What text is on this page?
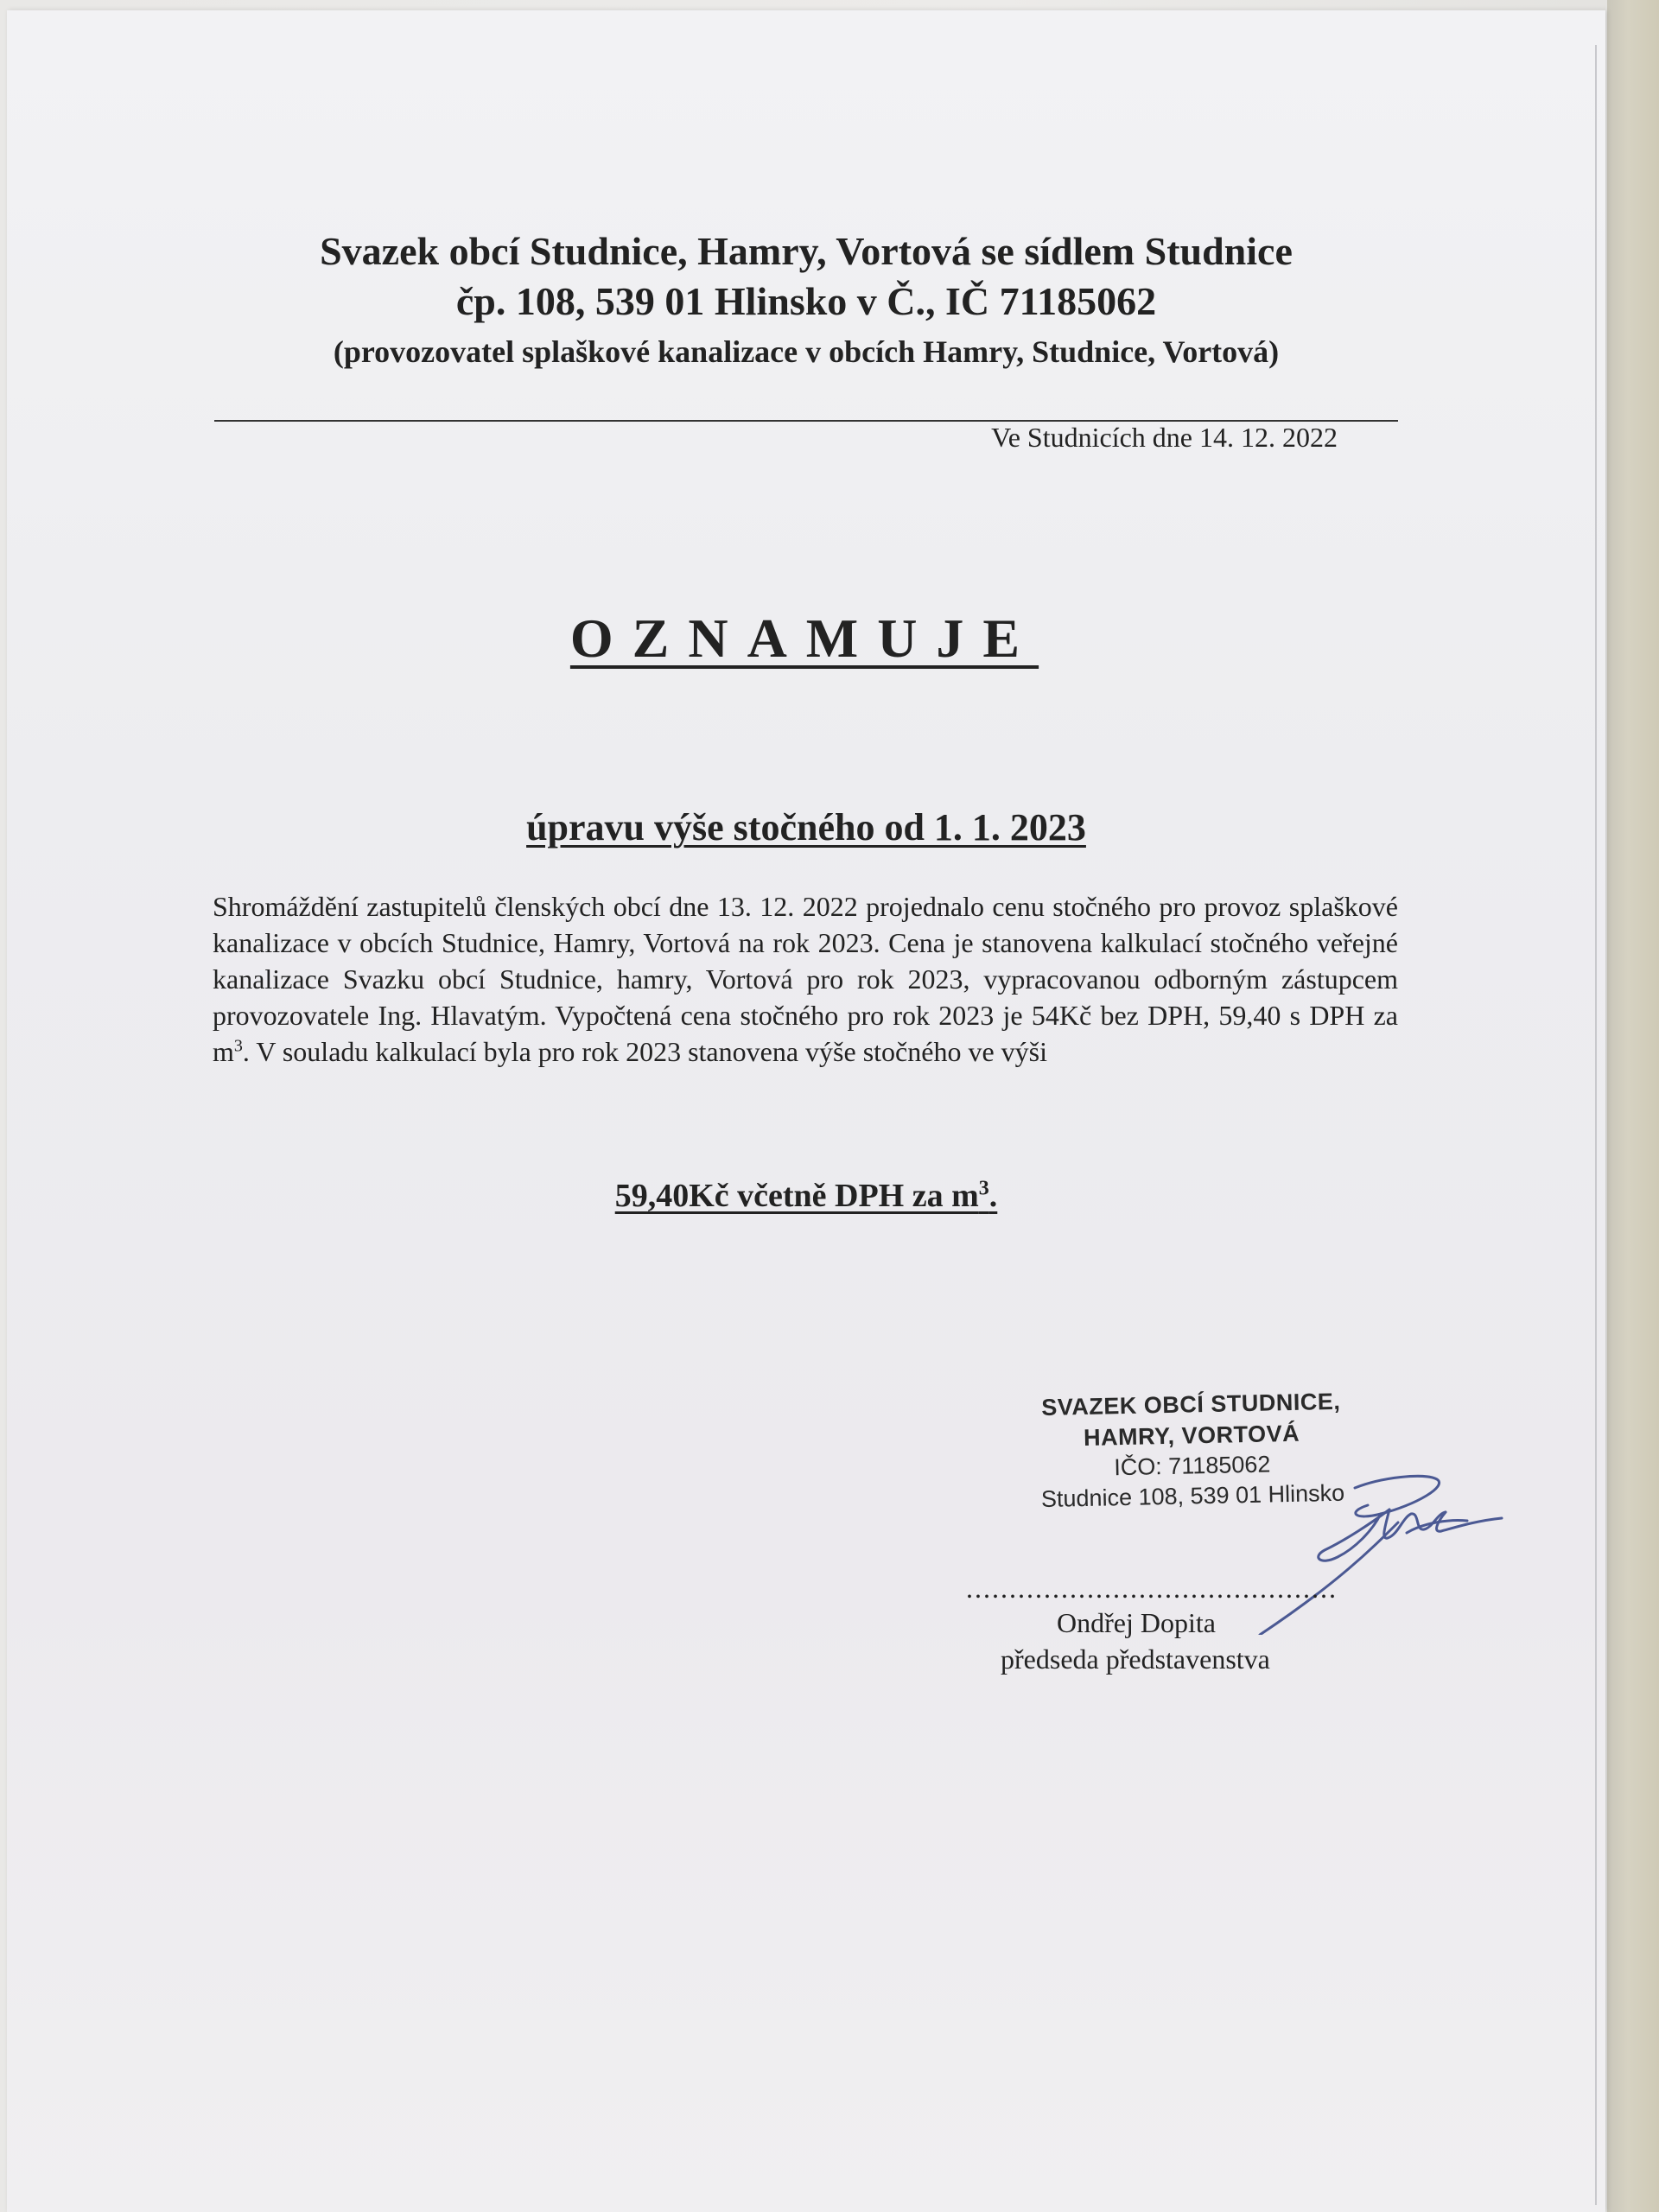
Svazek obcí Studnice, Hamry, Vortová se sídlem Studnice
čp. 108, 539 01 Hlinsko v Č., IČ 71185062
(provozovatel splaškové kanalizace v obcích Hamry, Studnice, Vortová)
Ve Studnicích dne 14. 12. 2022
OZNAMUJE
úpravu výše stočného od 1. 1. 2023
Shromáždění zastupitelů členských obcí dne 13. 12. 2022 projednalo cenu stočného pro provoz splaškové kanalizace v obcích Studnice, Hamry, Vortová na rok 2023. Cena je stanovena kalkulací stočného veřejné kanalizace Svazku obcí Studnice, hamry, Vortová pro rok 2023, vypracovanou odborným zástupcem provozovatele Ing. Hlavatým. Vypočtená cena stočného pro rok 2023 je 54Kč bez DPH, 59,40 s DPH za $m^3$. V souladu kalkulací byla pro rok 2023 stanovena výše stočného ve výši
59,40Kč včetně DPH za $m^3$.
SVAZEK OBCÍ STUDNICE,
HAMRY, VORTOVÁ
IČO: 71185062
Studnice 108, 539 01 Hlinsko
...........................................
Ondřej Dopita
předseda představenstva
